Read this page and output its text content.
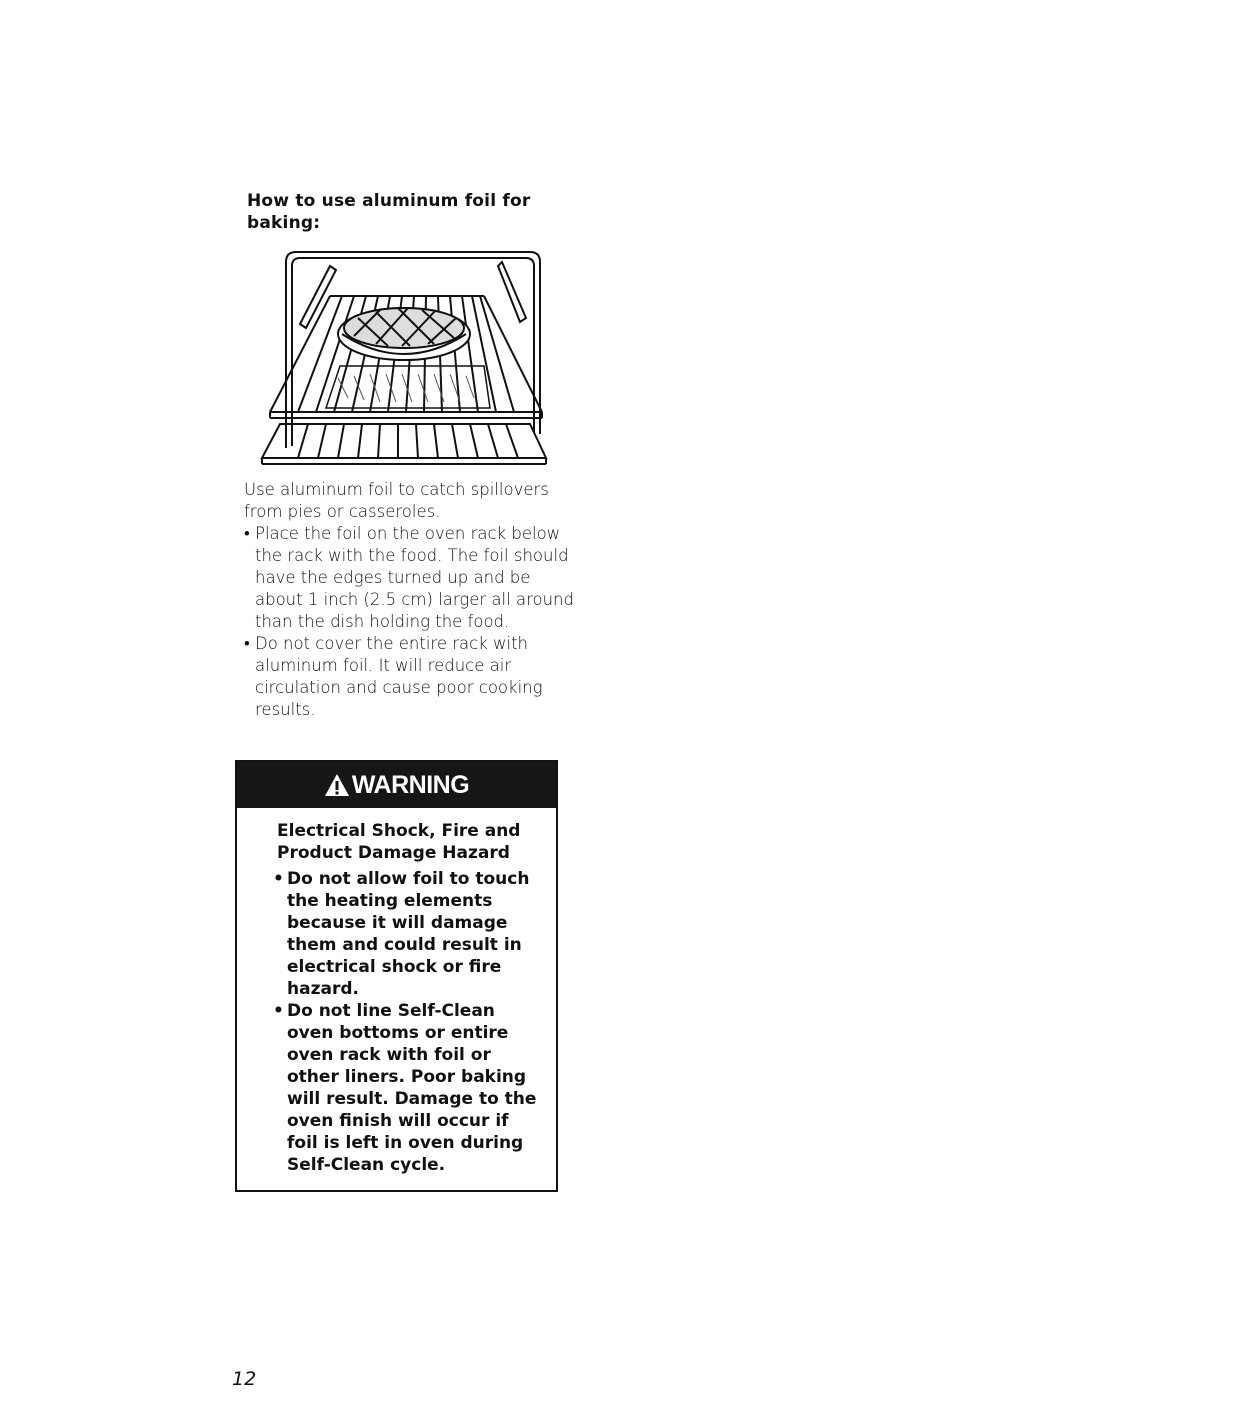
How to use aluminum foil for baking:

Use aluminum foil to catch spillovers from pies or casseroles.

• Place the foil on the oven rack below the rack with the food. The foil should have the edges turned up and be about 1 inch (2.5 cm) larger all around than the dish holding the food.
• Do not cover the entire rack with aluminum foil. It will reduce air circulation and cause poor cooking results.
WARNING
Electrical Shock, Fire and Product Damage Hazard
• Do not allow foil to touch the heating elements because it will damage them and could result in electrical shock or fire hazard.
• Do not line Self-Clean oven bottoms or entire oven rack with foil or other liners. Poor baking will result. Damage to the oven finish will occur if foil is left in oven during Self-Clean cycle.
12
